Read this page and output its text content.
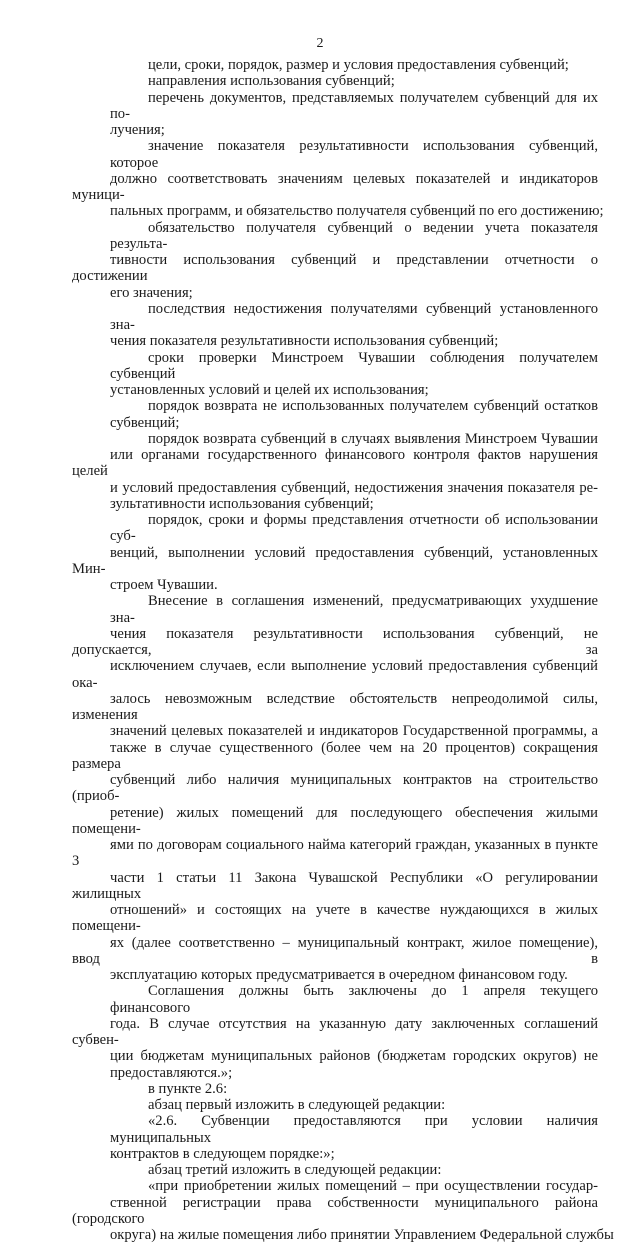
2

цели, сроки, порядок, размер и условия предоставления субвенций;

направления использования субвенций;

перечень документов, представляемых получателем субвенций для их по-
лучения;

значение показателя результативности использования субвенций, которое
должно соответствовать значениям целевых показателей и индикаторов муници-
пальных программ, и обязательство получателя субвенций по его достижению;

обязательство получателя субвенций о ведении учета показателя результа-
тивности использования субвенций и представлении отчетности о достижении
его значения;

последствия недостижения получателями субвенций установленного зна-
чения показателя результативности использования субвенций;

сроки проверки Минстроем Чувашии соблюдения получателем субвенций
установленных условий и целей их использования;

порядок возврата не использованных получателем субвенций остатков
субвенций;

порядок возврата субвенций в случаях выявления Минстроем Чувашии
или органами государственного финансового контроля фактов нарушения целей
и условий предоставления субвенций, недостижения значения показателя ре-
зультативности использования субвенций;

порядок, сроки и формы представления отчетности об использовании суб-
венций, выполнении условий предоставления субвенций, установленных Мин-
строем Чувашии.

Внесение в соглашения изменений, предусматривающих ухудшение зна-
чения показателя результативности использования субвенций, не допускается, за
исключением случаев, если выполнение условий предоставления субвенций ока-
залось невозможным вследствие обстоятельств непреодолимой силы, изменения
значений целевых показателей и индикаторов Государственной программы, а
также в случае существенного (более чем на 20 процентов) сокращения размера
субвенций либо наличия муниципальных контрактов на строительство (приоб-
ретение) жилых помещений для последующего обеспечения жилыми помещени-
ями по договорам социального найма категорий граждан, указанных в пункте 3
части 1 статьи 11 Закона Чувашской Республики «О регулировании жилищных
отношений» и состоящих на учете в качестве нуждающихся в жилых помещени-
ях (далее соответственно – муниципальный контракт, жилое помещение), ввод в
эксплуатацию которых предусматривается в очередном финансовом году.

Соглашения должны быть заключены до 1 апреля текущего финансового
года. В случае отсутствия на указанную дату заключенных соглашений субвен-
ции бюджетам муниципальных районов (бюджетам городских округов) не
предоставляются.»;

в пункте 2.6:

абзац первый изложить в следующей редакции:

«2.6. Субвенции предоставляются при условии наличия муниципальных
контрактов в следующем порядке:»;

абзац третий изложить в следующей редакции:

«при приобретении жилых помещений – при осуществлении государ-
ственной регистрации права собственности муниципального района (городского
округа) на жилые помещения либо принятии Управлением Федеральной службы
